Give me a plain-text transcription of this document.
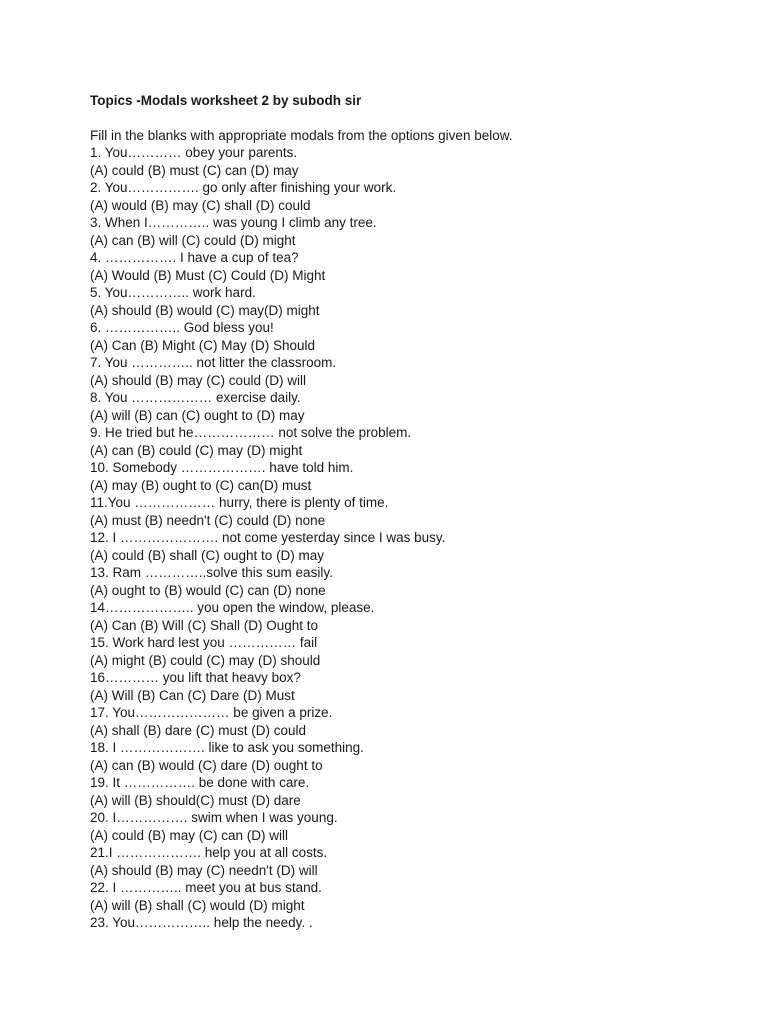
Topics -Modals worksheet 2 by subodh sir
Fill in the blanks with appropriate modals from the options given below.
1. You………… obey your parents.
(A) could (B) must (C) can (D) may
2. You……………. go only after finishing your work.
(A) would (B) may (C) shall (D) could
3. When I………….. was young I climb any tree.
(A) can (B) will (C) could (D) might
4. ……………. I have a cup of tea?
(A) Would (B) Must (C) Could (D) Might
5. You………….. work hard.
(A) should (B) would (C) may(D) might
6. …………….. God bless you!
(A) Can (B) Might (C) May (D) Should
7. You ………….. not litter the classroom.
(A) should (B) may (C) could (D) will
8. You ……………… exercise daily.
(A) will (B) can (C) ought to (D) may
9. He tried but he……………… not solve the problem.
(A) can (B) could (C) may (D) might
10. Somebody ………………. have told him.
(A) may (B) ought to (C) can(D) must
11.You ……………… hurry, there is plenty of time.
(A) must (B) needn't (C) could (D) none
12. I …………………. not come yesterday since I was busy.
(A) could (B) shall (C) ought to (D) may
13. Ram …………..solve this sum easily.
(A) ought to (B) would (C) can (D) none
14……………….. you open the window, please.
(A) Can (B) Will (C) Shall (D) Ought to
15. Work hard lest you …………… fail
(A) might (B) could (C) may (D) should
16………… you lift that heavy box?
(A) Will (B) Can (C) Dare (D) Must
17. You………………… be given a prize.
(A) shall (B) dare (C) must (D) could
18. I ………………. like to ask you something.
(A) can (B) would (C) dare (D) ought to
19. It ……………. be done with care.
(A) will (B) should(C) must (D) dare
20. I……………. swim when I was young.
(A) could (B) may (C) can (D) will
21.I ………………. help you at all costs.
(A) should (B) may (C) needn't (D) will
22. I ………….. meet you at bus stand.
(A) will (B) shall (C) would (D) might
23. You…………….. help the needy. .
